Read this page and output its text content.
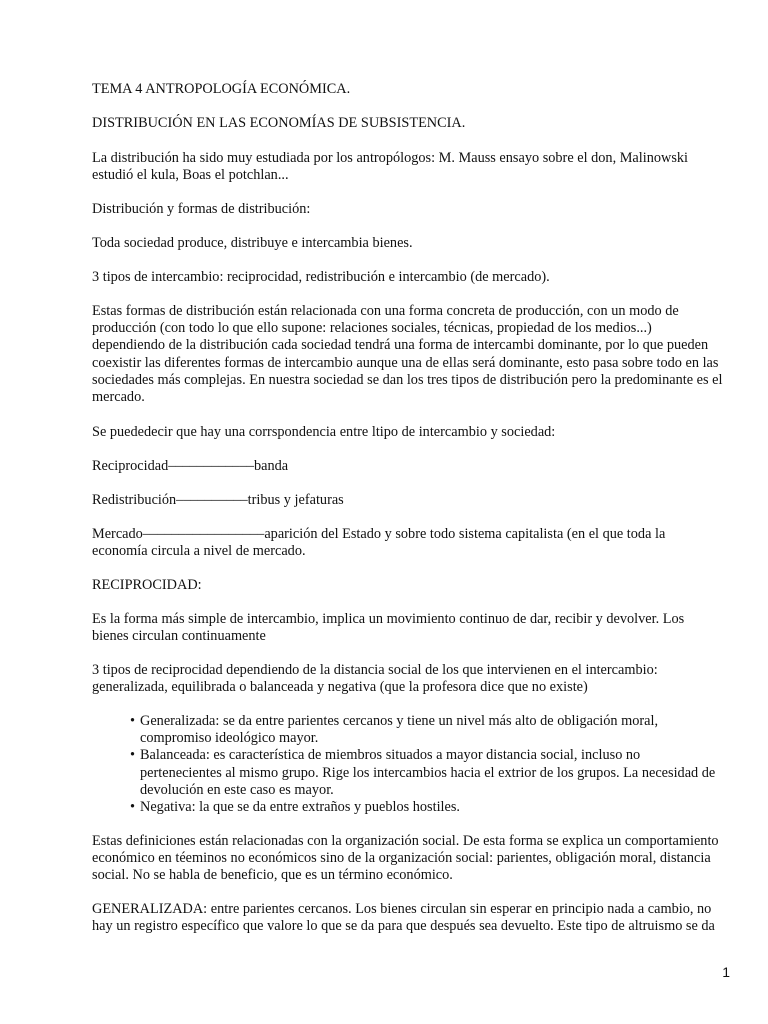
TEMA 4 ANTROPOLOGÍA ECONÓMICA.

DISTRIBUCIÓN EN LAS ECONOMÍAS DE SUBSISTENCIA.

La distribución ha sido muy estudiada por los antropólogos: M. Mauss ensayo sobre el don, Malinowski estudió el kula, Boas el potchlan...

Distribución y formas de distribución:

Toda sociedad produce, distribuye e intercambia bienes.

3 tipos de intercambio: reciprocidad, redistribución e intercambio (de mercado).

Estas formas de distribución están relacionada con una forma concreta de producción, con un modo de producción (con todo lo que ello supone: relaciones sociales, técnicas, propiedad de los medios...) dependiendo de la distribución cada sociedad tendrá una forma de intercambi dominante, por lo que pueden coexistir las diferentes formas de intercambio aunque una de ellas será dominante, esto pasa sobre todo en las sociedades más complejas. En nuestra sociedad se dan los tres tipos de distribución pero la predominante es el mercado.

Se puededecir que hay una corrspondencia entre ltipo de intercambio y sociedad:

Reciprocidad––––––––––––banda

Redistribución––––––––––tribus y jefaturas

Mercado–––––––––––––––––aparición del Estado y sobre todo sistema capitalista (en el que toda la economía circula a nivel de mercado.

RECIPROCIDAD:

Es la forma más simple de intercambio, implica un movimiento continuo de dar, recibir y devolver. Los bienes circulan continuamente

3 tipos de reciprocidad dependiendo de la distancia social de los que intervienen en el intercambio: generalizada, equilibrada o balanceada y negativa (que la profesora dice que no existe)

• Generalizada: se da entre parientes cercanos y tiene un nivel más alto de obligación moral, compromiso ideológico mayor.
• Balanceada: es característica de miembros situados a mayor distancia social, incluso no pertenecientes al mismo grupo. Rige los intercambios hacia el extrior de los grupos. La necesidad de devolución en este caso es mayor.
• Negativa: la que se da entre extraños y pueblos hostiles.

Estas definiciones están relacionadas con la organización social. De esta forma se explica un comportamiento económico en téeminos no económicos sino de la organización social: parientes, obligación moral, distancia social. No se habla de beneficio, que es un término económico.

GENERALIZADA: entre parientes cercanos. Los bienes circulan sin esperar en principio nada a cambio, no hay un registro específico que valore lo que se da para que después sea devuelto. Este tipo de altruismo se da

1
